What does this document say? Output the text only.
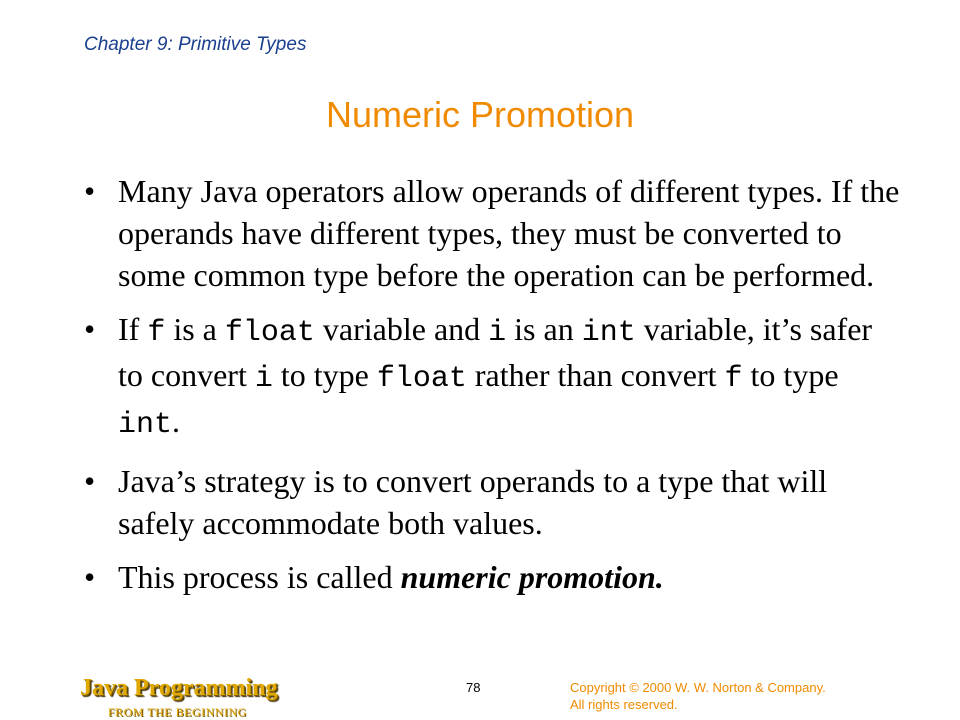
Chapter 9: Primitive Types
Numeric Promotion
• Many Java operators allow operands of different types. If the operands have different types, they must be converted to some common type before the operation can be performed.
• If f is a float variable and i is an int variable, it’s safer to convert i to type float rather than convert f to type int.
• Java’s strategy is to convert operands to a type that will safely accommodate both values.
• This process is called numeric promotion.
Java Programming
FROM THE BEGINNING
78	Copyright © 2000 W. W. Norton & Company.
All rights reserved.
